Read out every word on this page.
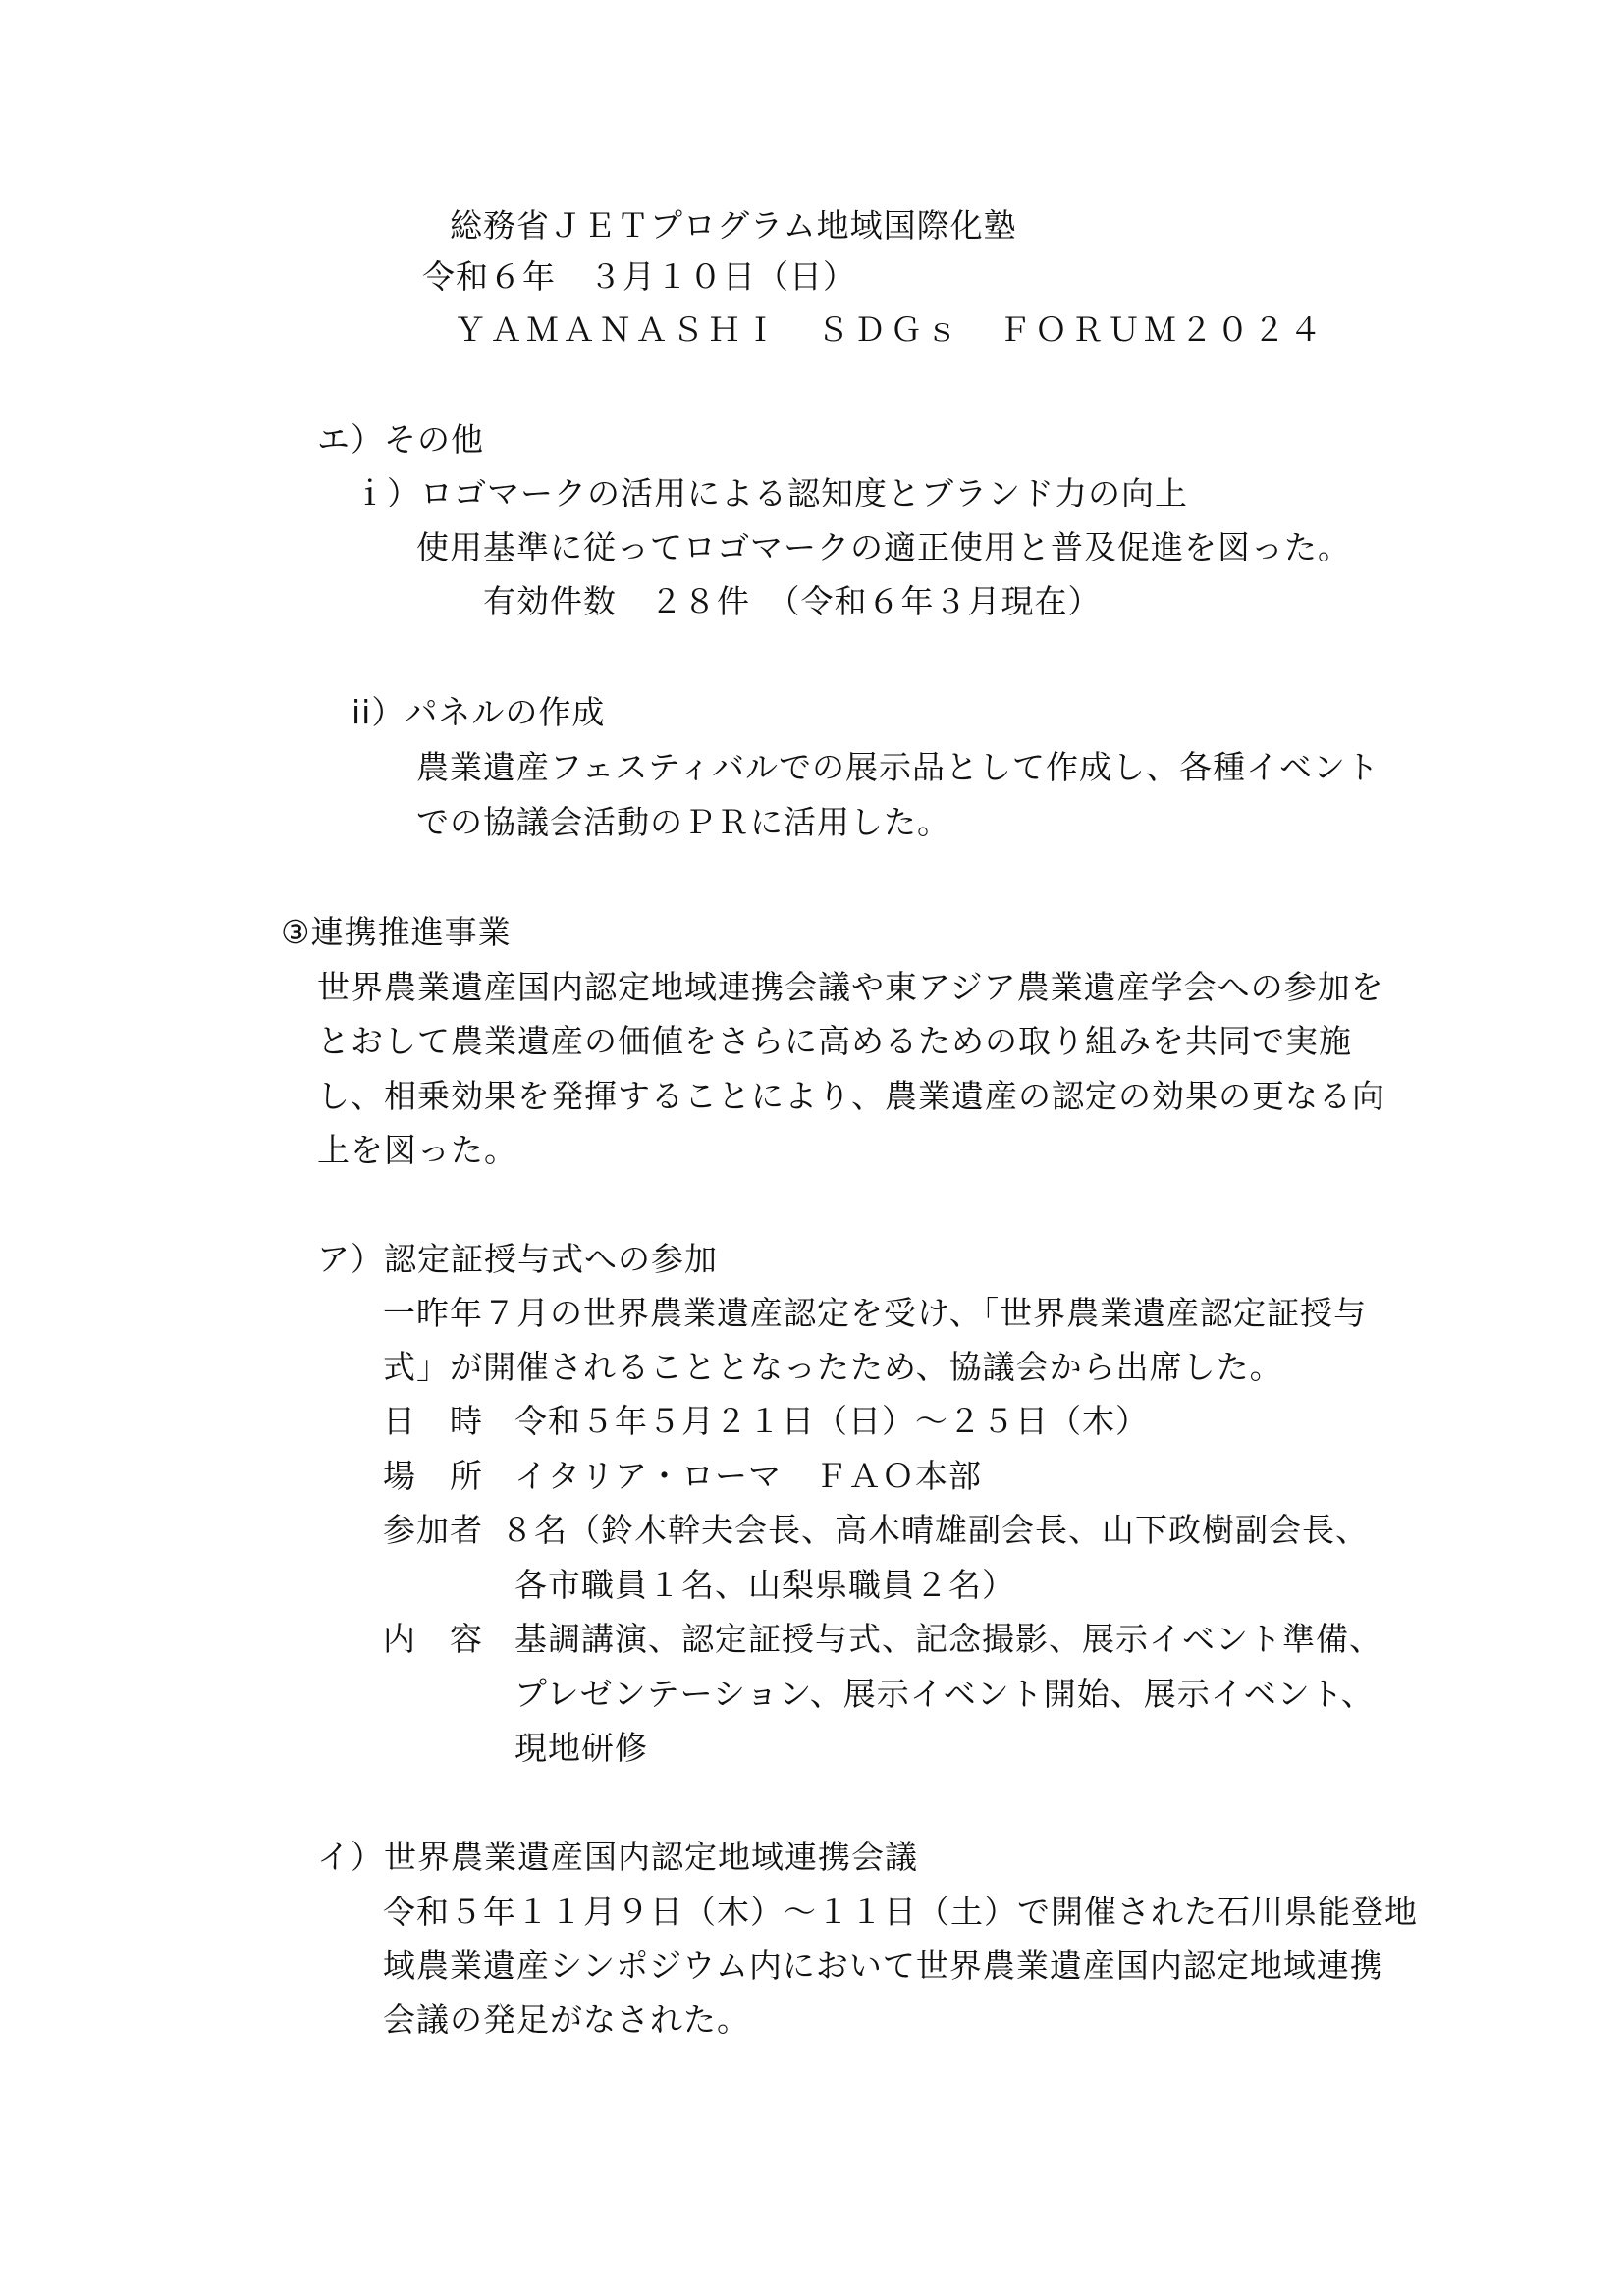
総務省ＪＥＴプログラム地域国際化塾
令和６年　３月１０日（日）
ＹＡＭＡＮＡＳＨＩ　ＳＤＧｓ　ＦＯＲＵＭ２０２４
エ）その他
ｉ）ロゴマークの活用による認知度とブランド力の向上
使用基準に従ってロゴマークの適正使用と普及促進を図った。
有効件数　２８件　（令和６年３月現在）
ii）パネルの作成
農業遺産フェスティバルでの展示品として作成し、各種イベント
での協議会活動のＰＲに活用した。
③連携推進事業
世界農業遺産国内認定地域連携会議や東アジア農業遺産学会への参加を
とおして農業遺産の価値をさらに高めるための取り組みを共同で実施
し、相乗効果を発揮することにより、農業遺産の認定の効果の更なる向
上を図った。
ア）認定証授与式への参加
一昨年７月の世界農業遺産認定を受け、「世界農業遺産認定証授与
式」が開催されることとなったため、協議会から出席した。
日　時 令和５年５月２１日（日）～２５日（木）
場　所 イタリア・ローマ　ＦＡＯ本部
参加者 ８名（鈴木幹夫会長、高木晴雄副会長、山下政樹副会長、
各市職員１名、山梨県職員２名）
内　容 基調講演、認定証授与式、記念撮影、展示イベント準備、
プレゼンテーション、展示イベント開始、展示イベント、
現地研修
イ）世界農業遺産国内認定地域連携会議
令和５年１１月９日（木）～１１日（土）で開催された石川県能登地
域農業遺産シンポジウム内において世界農業遺産国内認定地域連携
会議の発足がなされた。
